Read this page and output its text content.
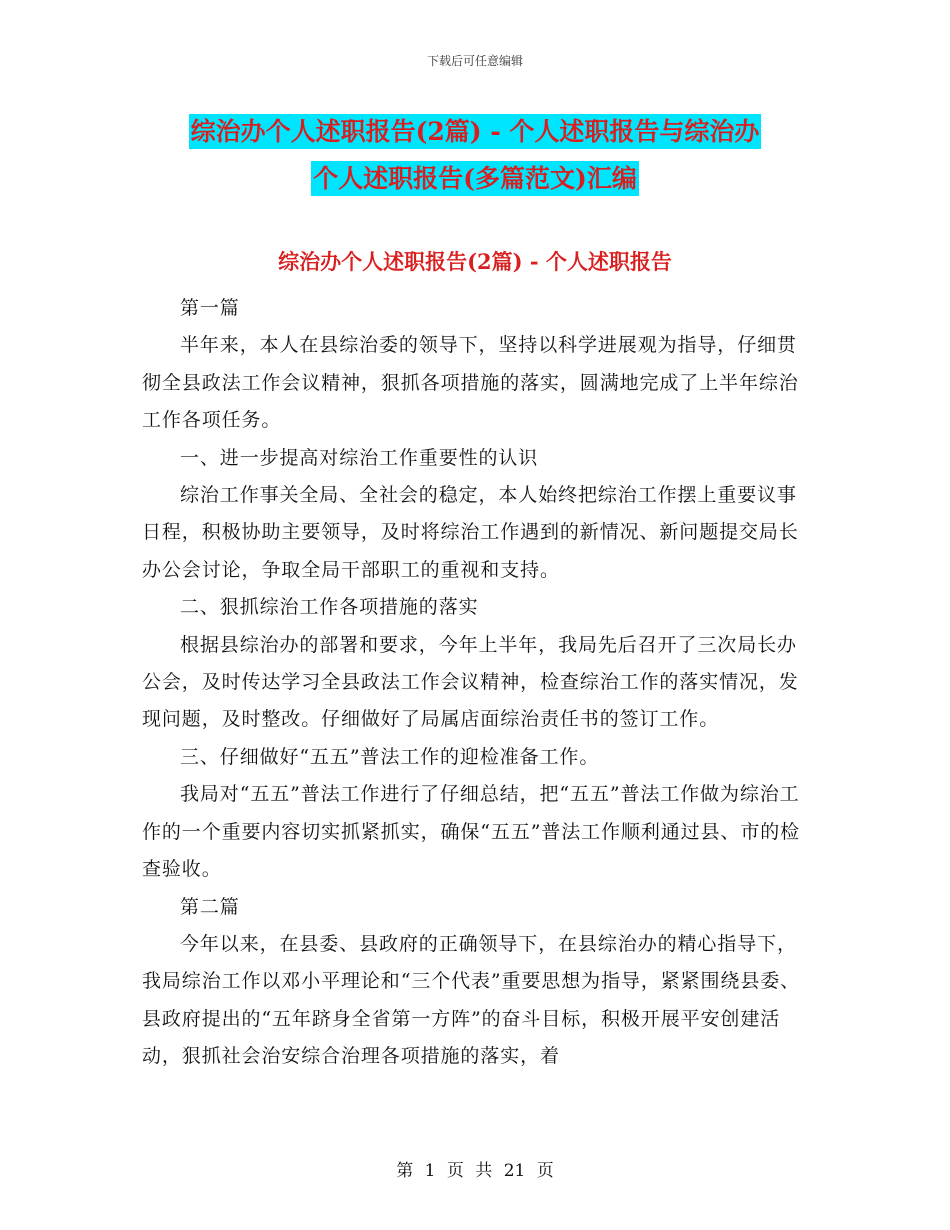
下载后可任意编辑
综治办个人述职报告(2篇) - 个人述职报告与综治办
个人述职报告(多篇范文)汇编
综治办个人述职报告(2篇) - 个人述职报告

第一篇

半年来，本人在县综治委的领导下，坚持以科学进展观为指导，仔细贯彻全县政法工作会议精神，狠抓各项措施的落实，圆满地完成了上半年综治工作各项任务。

一、进一步提高对综治工作重要性的认识

综治工作事关全局、全社会的稳定，本人始终把综治工作摆上重要议事日程，积极协助主要领导，及时将综治工作遇到的新情况、新问题提交局长办公会讨论，争取全局干部职工的重视和支持。

二、狠抓综治工作各项措施的落实

根据县综治办的部署和要求，今年上半年，我局先后召开了三次局长办公会，及时传达学习全县政法工作会议精神，检查综治工作的落实情况，发现问题，及时整改。仔细做好了局属店面综治责任书的签订工作。

三、仔细做好“五五”普法工作的迎检准备工作。

我局对“五五”普法工作进行了仔细总结，把“五五”普法工作做为综治工作的一个重要内容切实抓紧抓实，确保“五五”普法工作顺利通过县、市的检查验收。

第二篇

今年以来，在县委、县政府的正确领导下，在县综治办的精心指导下，我局综治工作以邓小平理论和“三个代表”重要思想为指导，紧紧围绕县委、县政府提出的“五年跻身全省第一方阵”的奋斗目标，积极开展平安创建活动，狠抓社会治安综合治理各项措施的落实，着

第 1 页 共 21 页
